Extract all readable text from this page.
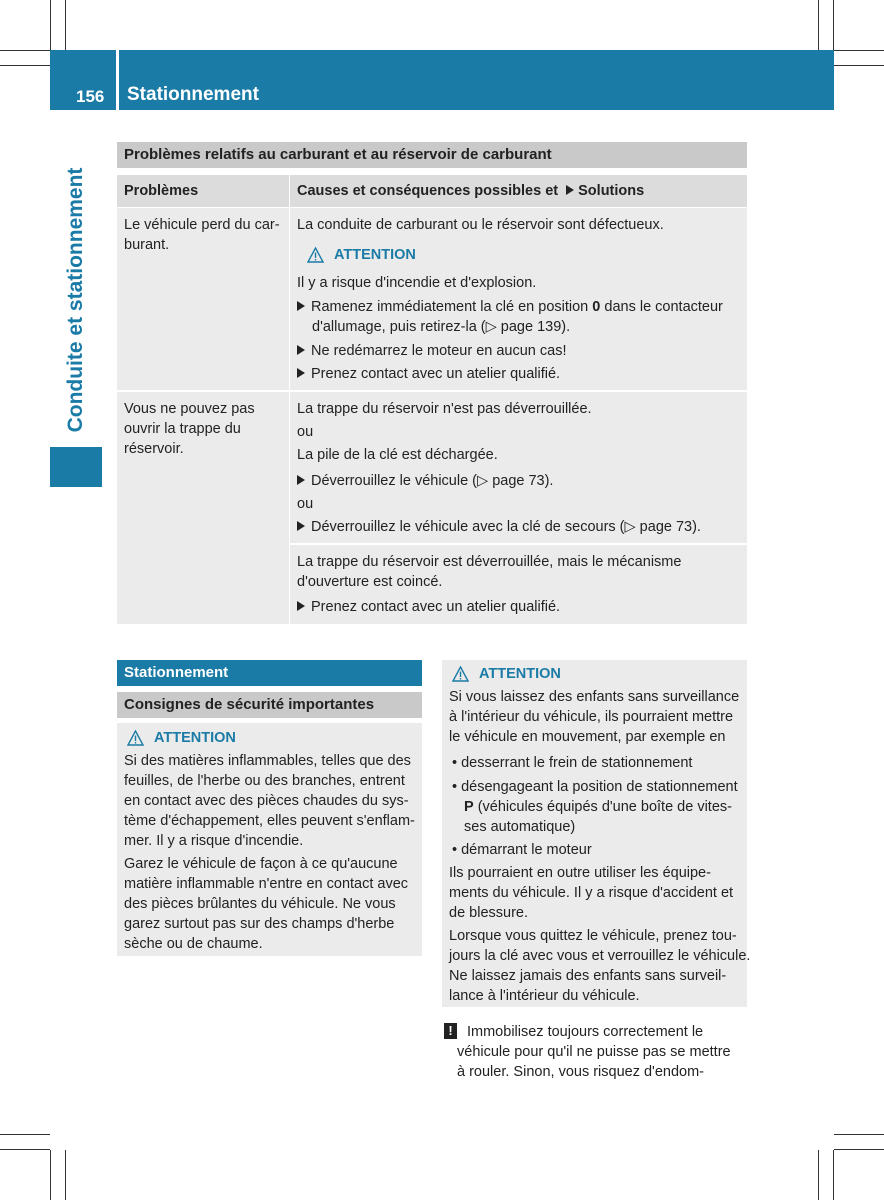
156 Stationnement
Conduite et stationnement
Problèmes relatifs au carburant et au réservoir de carburant
Problèmes	Causes et conséquences possibles et Solutions
Le véhicule perd du car-
burant.
La conduite de carburant ou le réservoir sont défectueux.
ATTENTION
Il y a risque d'incendie et d'explosion.
Ramenez immédiatement la clé en position 0 dans le contacteur
d'allumage, puis retirez-la (▷ page 139).
Ne redémarrez le moteur en aucun cas!
Prenez contact avec un atelier qualifié.
Vous ne pouvez pas
ouvrir la trappe du
réservoir.
La trappe du réservoir n'est pas déverrouillée.
ou
La pile de la clé est déchargée.
Déverrouillez le véhicule (▷ page 73).
ou
Déverrouillez le véhicule avec la clé de secours (▷ page 73).
La trappe du réservoir est déverrouillée, mais le mécanisme
d'ouverture est coincé.
Prenez contact avec un atelier qualifié.
Stationnement
Consignes de sécurité importantes
ATTENTION
Si des matières inflammables, telles que des
feuilles, de l'herbe ou des branches, entrent
en contact avec des pièces chaudes du sys-
tème d'échappement, elles peuvent s'enflam-
mer. Il y a risque d'incendie.
Garez le véhicule de façon à ce qu'aucune
matière inflammable n'entre en contact avec
des pièces brûlantes du véhicule. Ne vous
garez surtout pas sur des champs d'herbe
sèche ou de chaume.
ATTENTION
Si vous laissez des enfants sans surveillance
à l'intérieur du véhicule, ils pourraient mettre
le véhicule en mouvement, par exemple en
• desserrant le frein de stationnement
• désengageant la position de stationnement
P (véhicules équipés d'une boîte de vites-
ses automatique)
• démarrant le moteur
Ils pourraient en outre utiliser les équipe-
ments du véhicule. Il y a risque d'accident et
de blessure.
Lorsque vous quittez le véhicule, prenez tou-
jours la clé avec vous et verrouillez le véhicule.
Ne laissez jamais des enfants sans surveil-
lance à l'intérieur du véhicule.
! Immobilisez toujours correctement le
véhicule pour qu'il ne puisse pas se mettre
à rouler. Sinon, vous risquez d'endom-
